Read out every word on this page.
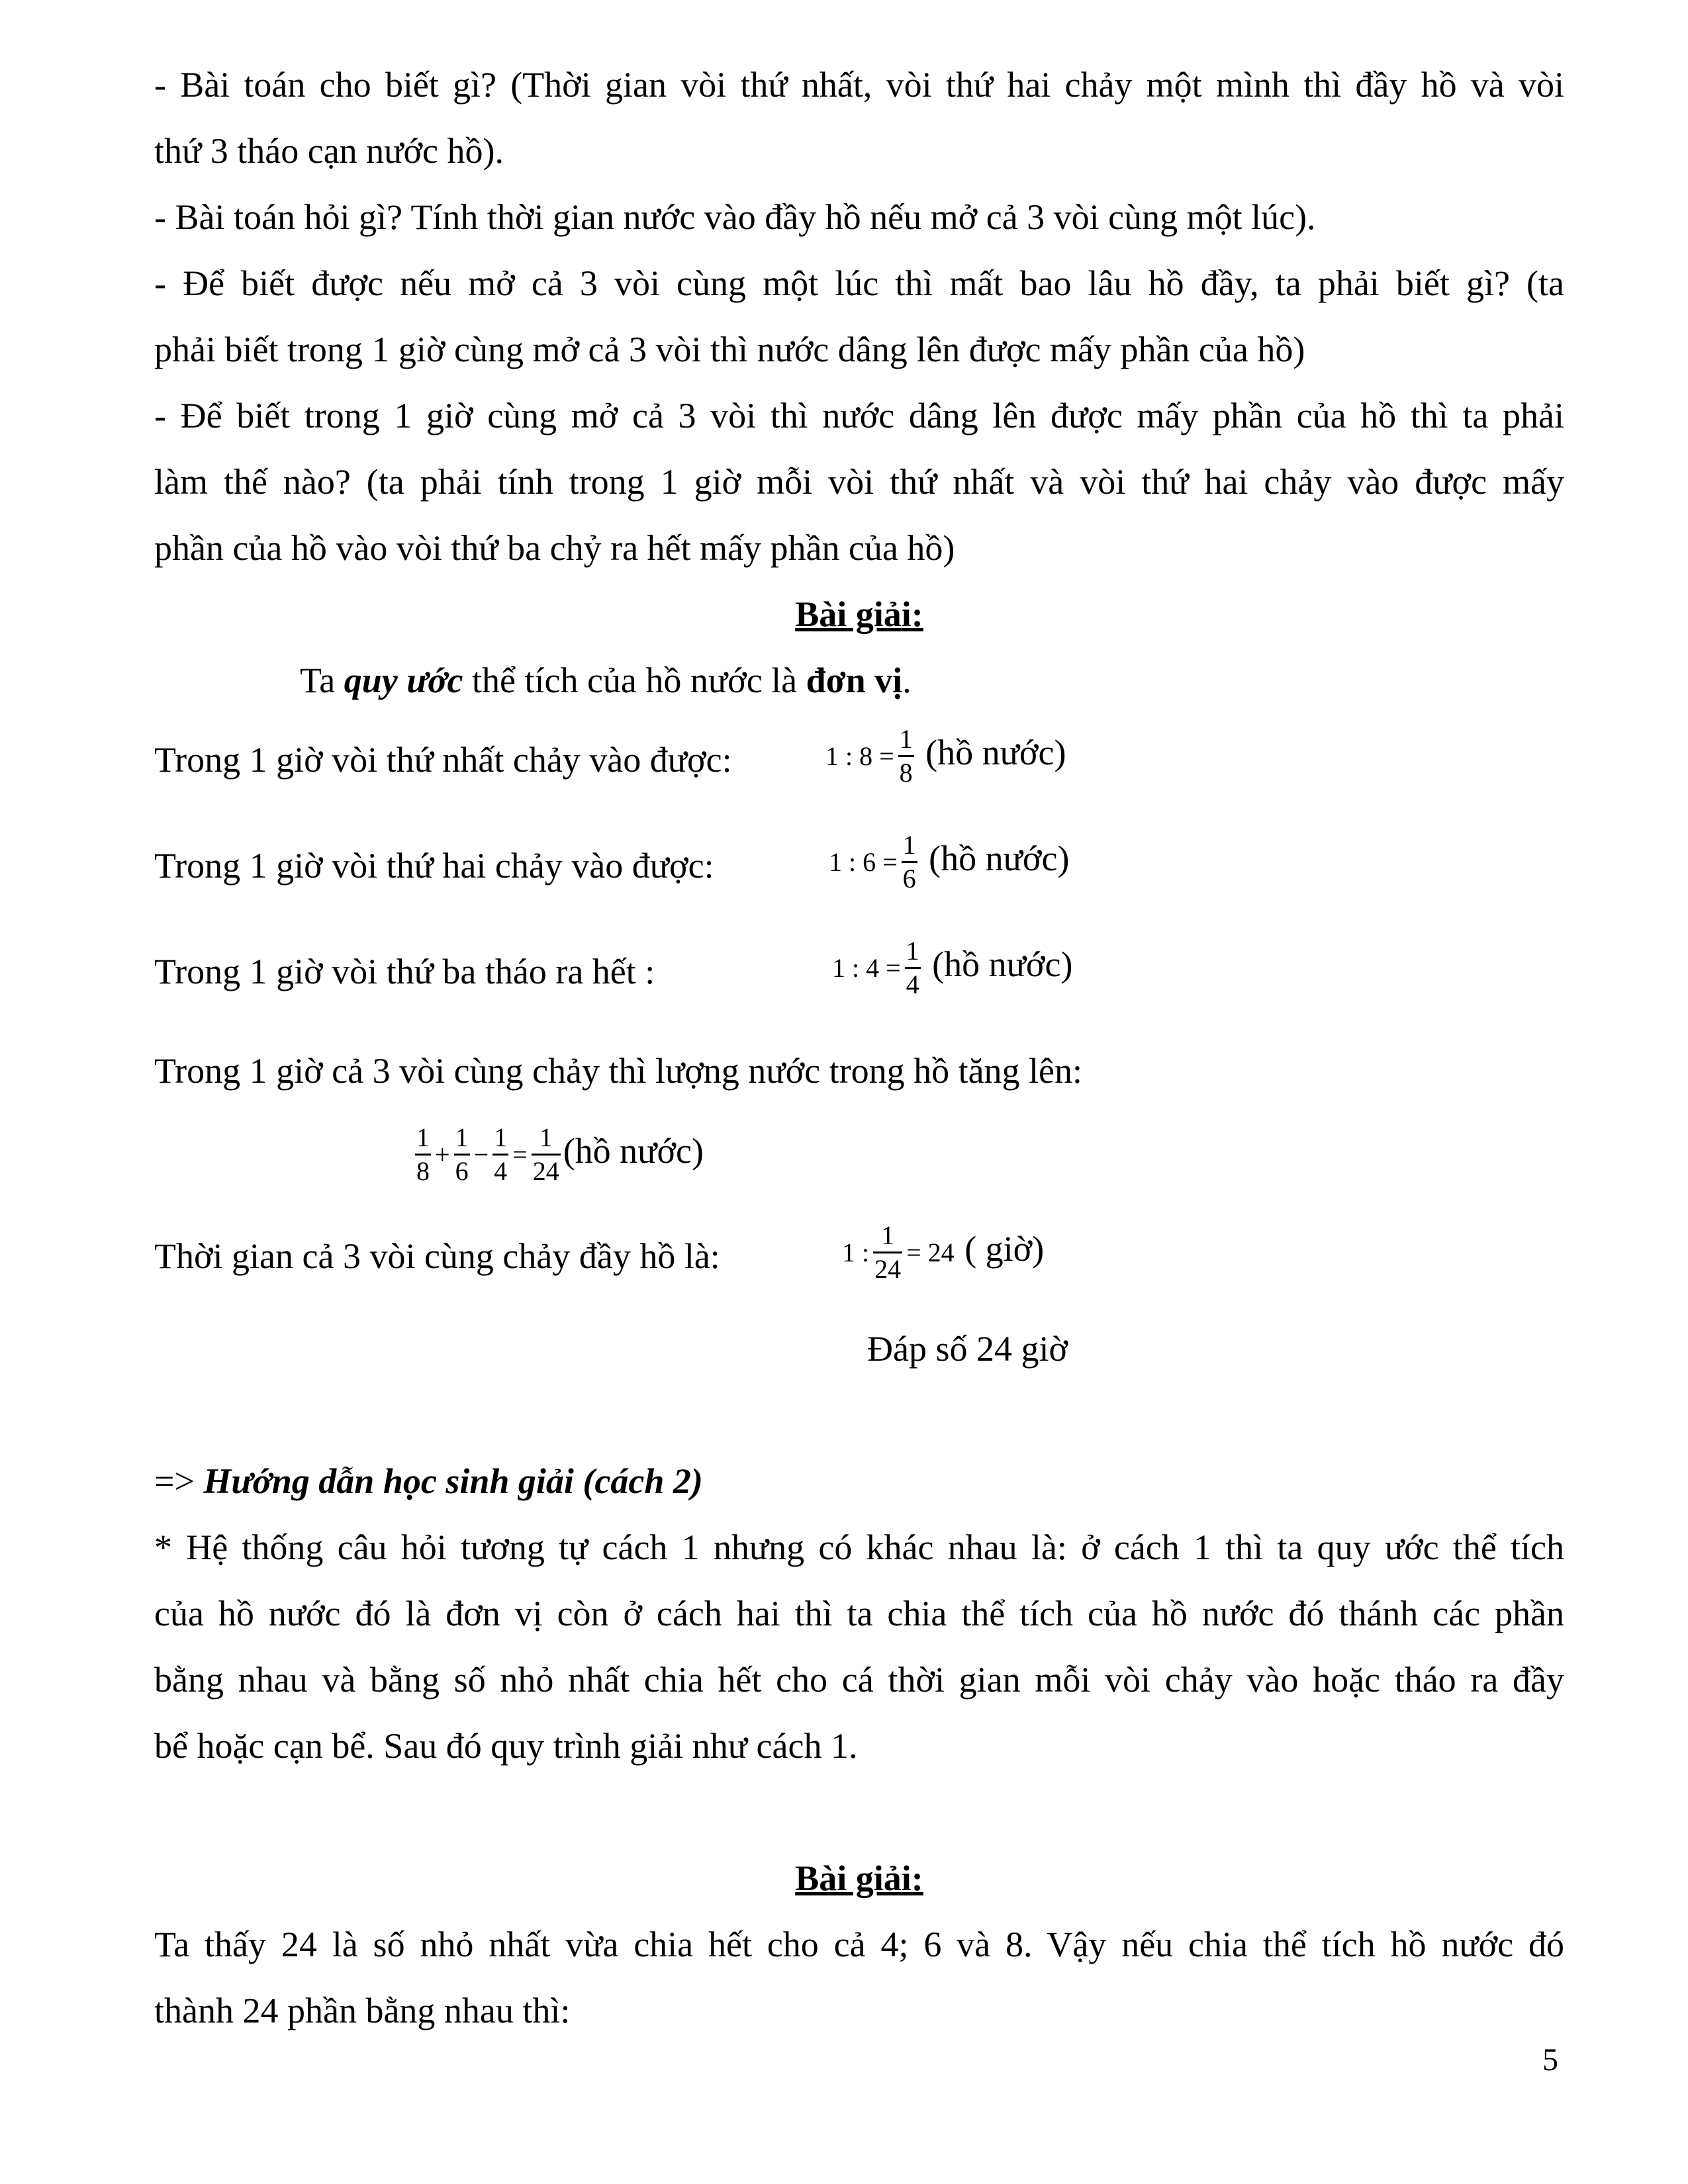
- Bài toán cho biết gì? (Thời gian vòi thứ nhất, vòi thứ hai chảy một mình thì đầy hồ và vòi
thứ 3 tháo cạn nước hồ).
- Bài toán hỏi gì? Tính thời gian nước vào đầy hồ nếu mở cả 3 vòi cùng một lúc).
- Để biết được nếu mở cả 3 vòi cùng một lúc thì mất bao lâu hồ đầy, ta phải biết gì? (ta
phải biết trong 1 giờ cùng mở cả 3 vòi thì nước dâng lên được mấy phần của hồ)
- Để biết trong 1 giờ cùng mở cả 3 vòi thì nước dâng lên được mấy phần của hồ thì ta phải
làm thế nào? (ta phải tính trong 1 giờ mỗi vòi thứ nhất và vòi thứ hai chảy vào được mấy
phần của hồ vào vòi thứ ba chỷ ra hết mấy phần của hồ)
Bài giải:
Ta quy ước thể tích của hồ nước là đơn vị.
Trong 1 giờ vòi thứ nhất chảy vào được:	1 : $8 = \frac{1}{8}$ (hồ nước)
Trong 1 giờ vòi thứ hai chảy vào được:	1 : $6 = \frac{1}{6}$ (hồ nước)
Trong 1 giờ vòi thứ ba tháo ra hết :	1 : $4 = \frac{1}{4}$ (hồ nước)
Trong 1 giờ cả 3 vòi cùng chảy thì lượng nước trong hồ tăng lên:
$\frac{1}{8} + \frac{1}{6} - \frac{1}{4} = \frac{1}{24}$ (hồ nước)
Thời gian cả 3 vòi cùng chảy đầy hồ là:	1 : $\frac{1}{24} = 24$ ( giờ)
Đáp số 24 giờ
=> Hướng dẫn học sinh giải (cách 2)
* Hệ thống câu hỏi tương tự cách 1 nhưng có khác nhau là: ở cách 1 thì ta quy ước thể tích
của hồ nước đó là đơn vị còn ở cách hai thì ta chia thể tích của hồ nước đó thánh các phần
bằng nhau và bằng số nhỏ nhất chia hết cho cá thời gian mỗi vòi chảy vào hoặc tháo ra đầy
bể hoặc cạn bể. Sau đó quy trình giải như cách 1.
Bài giải:
Ta thấy 24 là số nhỏ nhất vừa chia hết cho cả 4; 6 và 8. Vậy nếu chia thể tích hồ nước đó
thành 24 phần bằng nhau thì:
5
